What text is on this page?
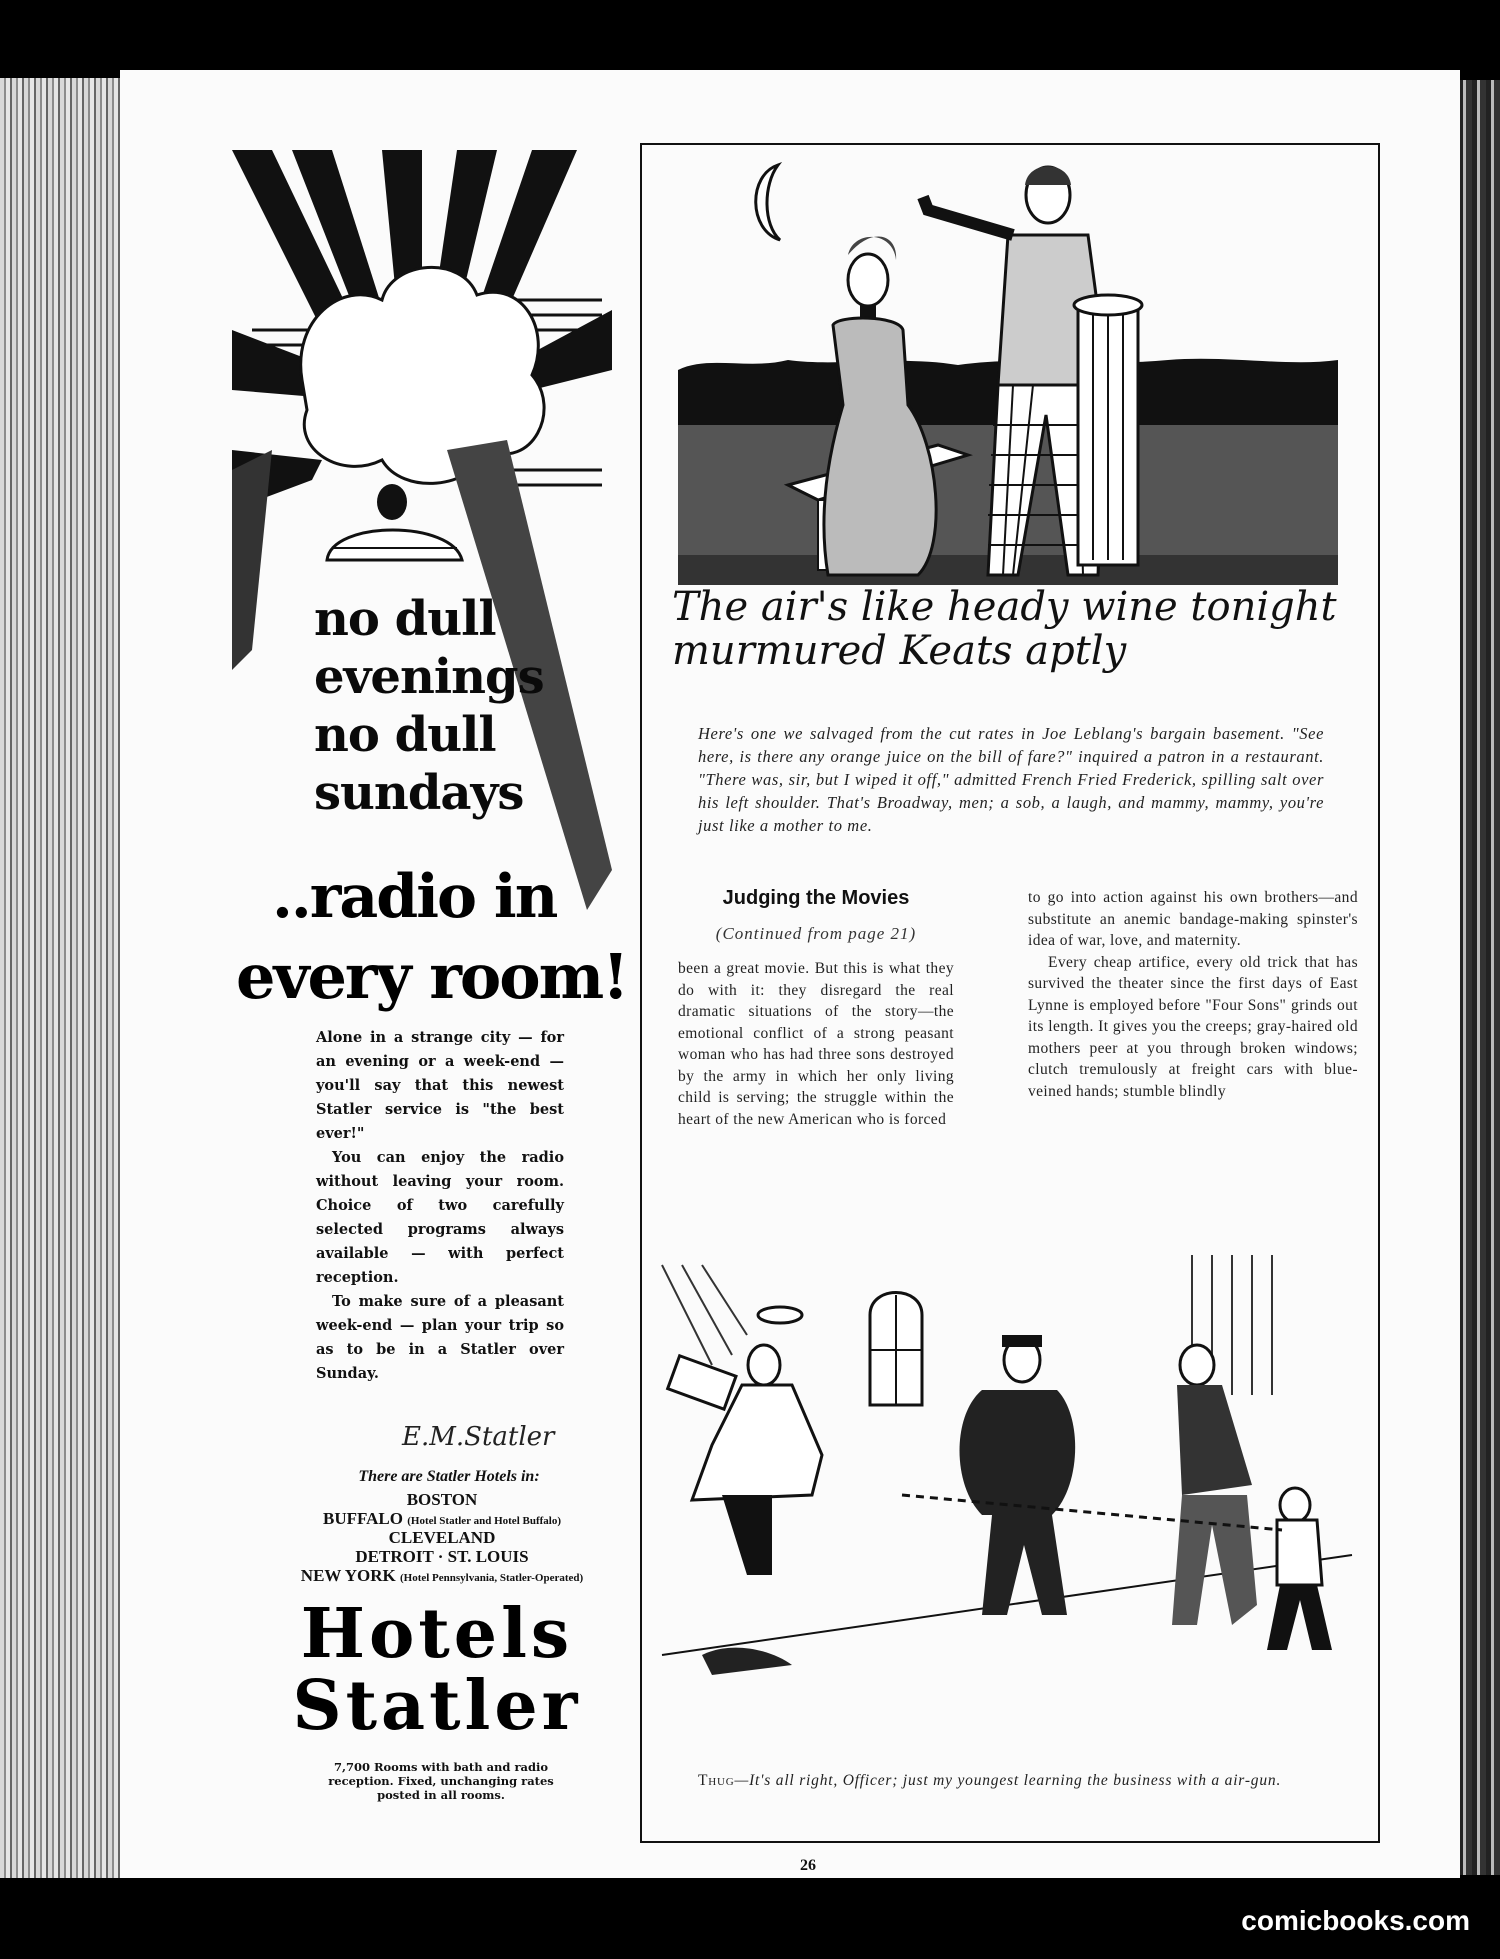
no dull
evenings
no dull
sundays
..radio in
every room!

Alone in a strange city — for an evening or a week-end — you'll say that this newest Statler service is "the best ever!"

You can enjoy the radio without leaving your room. Choice of two carefully selected programs always available — with perfect reception.

To make sure of a pleasant week-end — plan your trip so as to be in a Statler over Sunday.

E.M.Statler
There are Statler Hotels in:
BOSTON
BUFFALO (Hotel Statler and Hotel Buffalo)
CLEVELAND
DETROIT · ST. LOUIS
NEW YORK (Hotel Pennsylvania, Statler-Operated)
Hotels
Statler
7,700 Rooms with bath and radio reception. Fixed, unchanging rates posted in all rooms.
The air's like heady wine tonight murmured Keats aptly
Here's one we salvaged from the cut rates in Joe Leblang's bargain basement. "See here, is there any orange juice on the bill of fare?" inquired a patron in a restaurant. "There was, sir, but I wiped it off," admitted French Fried Frederick, spilling salt over his left shoulder. That's Broadway, men; a sob, a laugh, and mammy, mammy, you're just like a mother to me.
Judging the Movies
(Continued from page 21)

been a great movie. But this is what they do with it: they disregard the real dramatic situations of the story—the emotional conflict of a strong peasant woman who has had three sons destroyed by the army in which her only living child is serving; the struggle within the heart of the new American who is forced

to go into action against his own brothers—and substitute an anemic bandage-making spinster's idea of war, love, and maternity.

Every cheap artifice, every old trick that has survived the theater since the first days of East Lynne is employed before "Four Sons" grinds out its length. It gives you the creeps; gray-haired old mothers peer at you through broken windows; clutch tremulously at freight cars with blue-veined hands; stumble blindly

Thug—It's all right, Officer; just my youngest learning the business with a air-gun.
26
comicbooks.com
